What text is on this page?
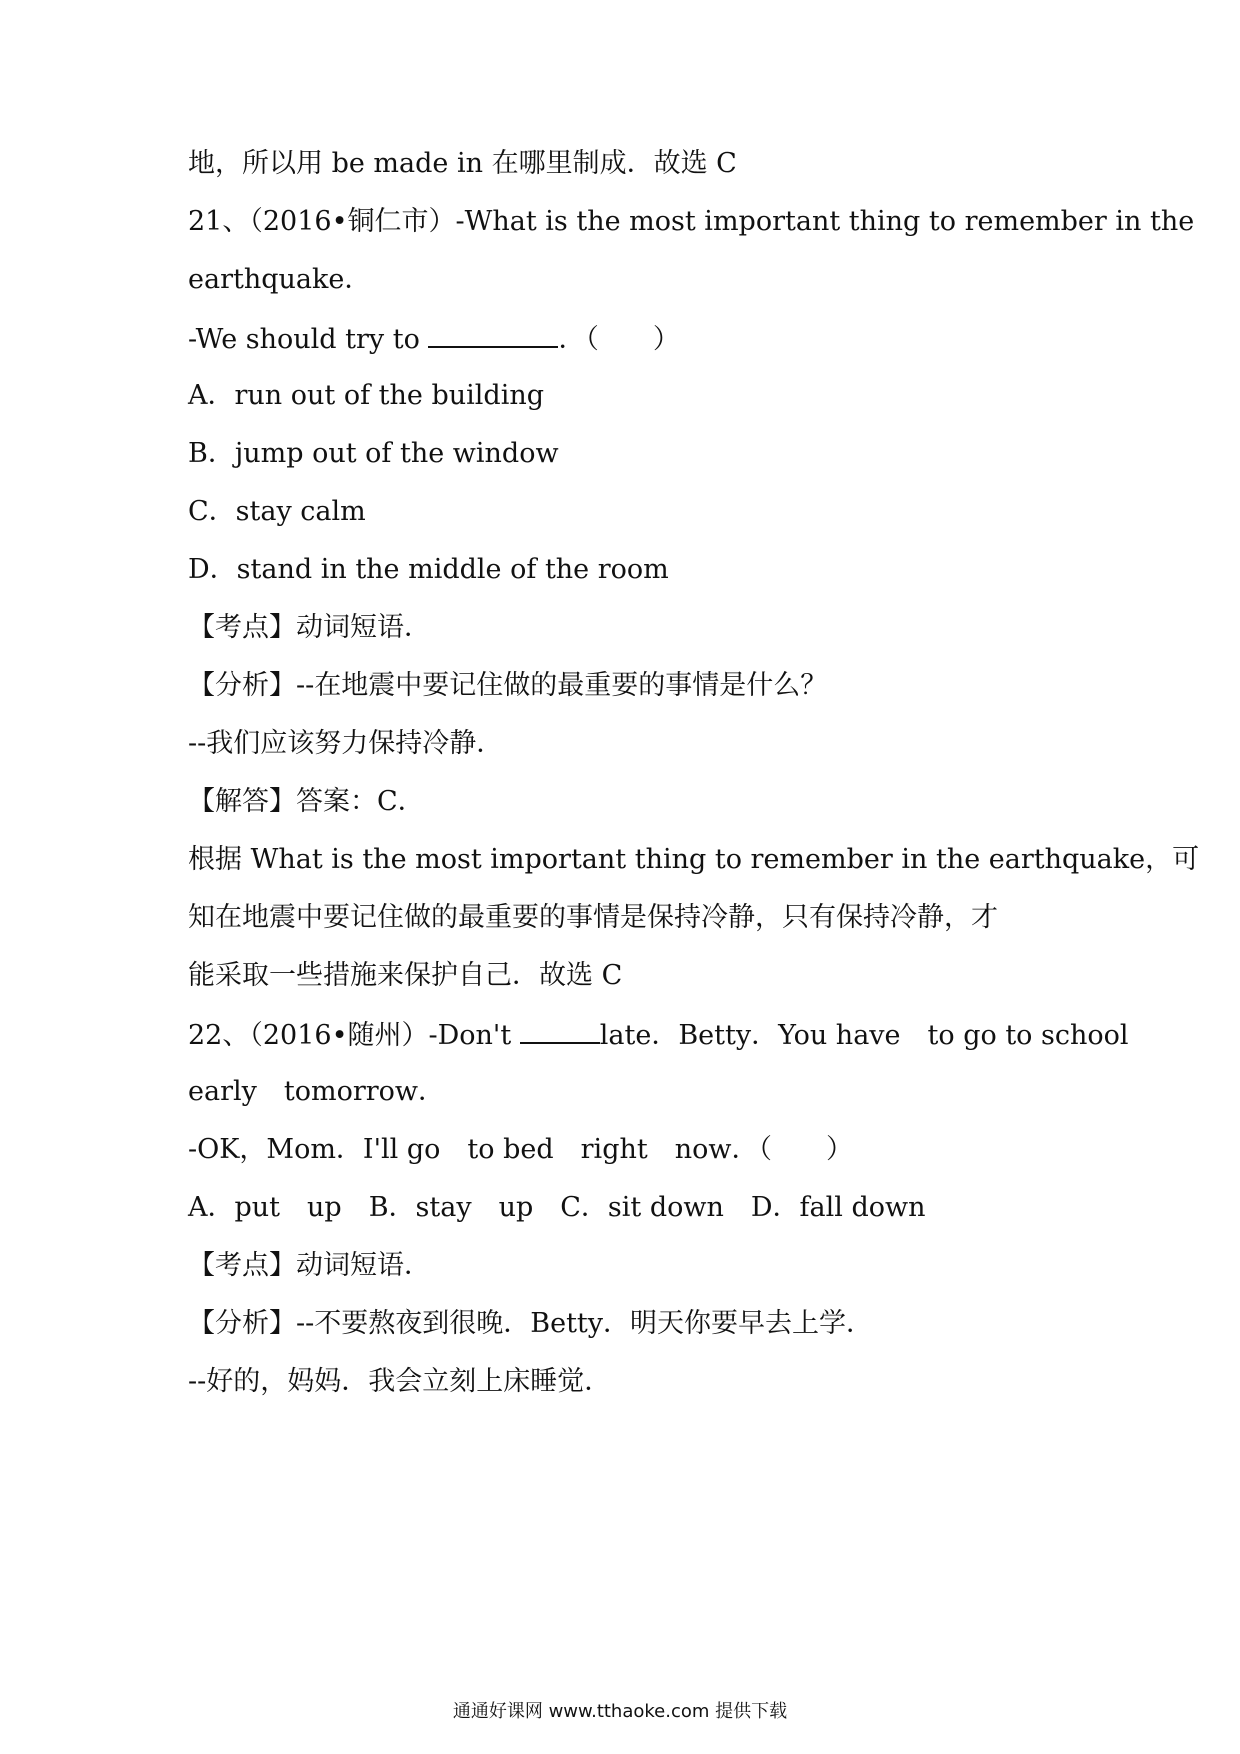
地，所以用 be made in 在哪里制成．故选 C
21、（2016•铜仁市）-What is the most important thing to remember in the
earthquake．
-We should try to	．（　　）
A．run out of the building
B．jump out of the window
C．stay calm
D．stand in the middle of the room
【考点】动词短语．
【分析】--在地震中要记住做的最重要的事情是什么？
--我们应该努力保持冷静．
【解答】答案：C．
根据 What is the most important thing to remember in the earthquake，可
知在地震中要记住做的最重要的事情是保持冷静，只有保持冷静，才
能采取一些措施来保护自己．故选 C
22、（2016•随州）-Don't	late．Betty．You have　to go to school
early　tomorrow．
-OK，Mom．I'll go　to bed　right　now．（　　）
A．put　up　B．stay　up　C．sit down　D．fall down
【考点】动词短语．
【分析】--不要熬夜到很晚．Betty．明天你要早去上学．
--好的，妈妈．我会立刻上床睡觉．
通通好课网 www.tthaoke.com 提供下载
